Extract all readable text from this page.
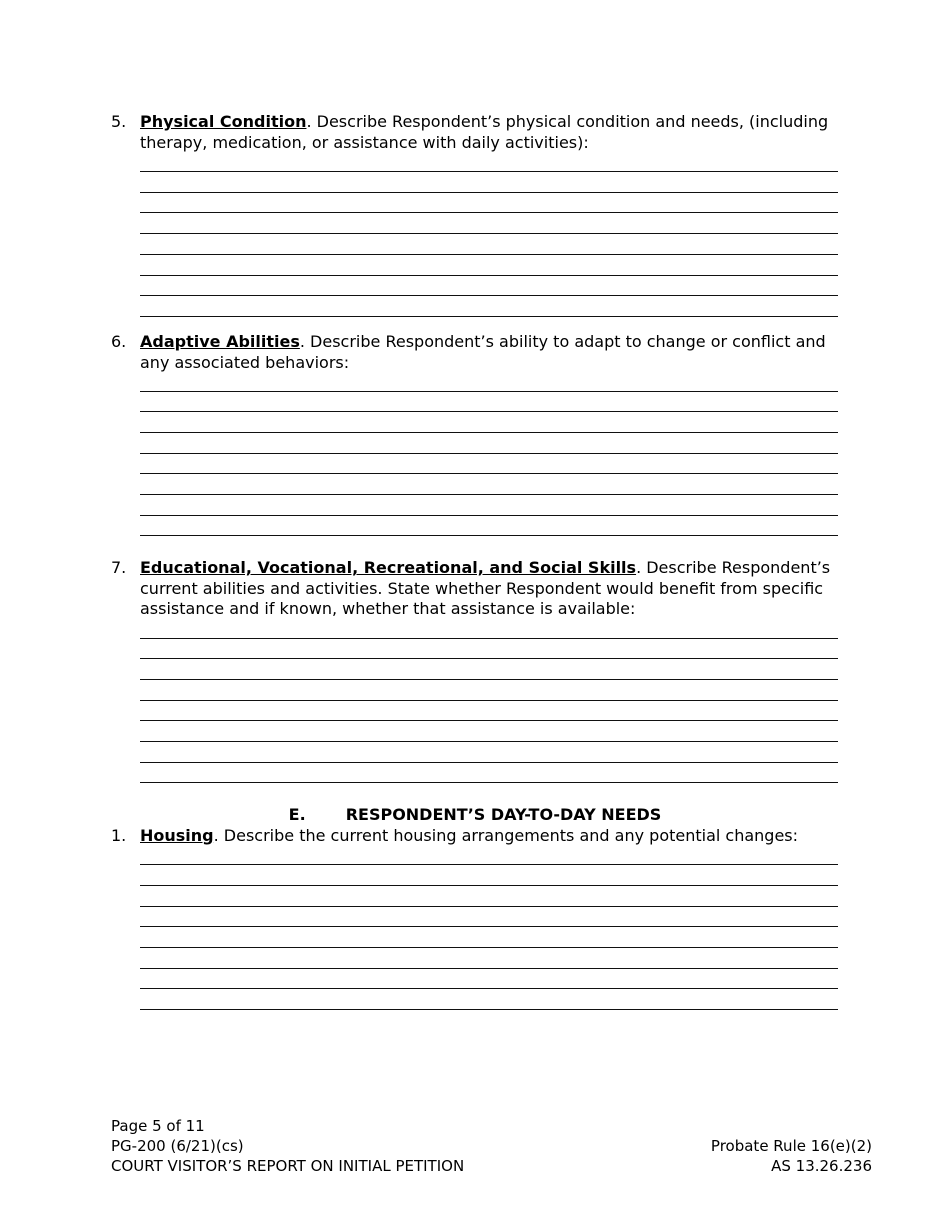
5. Physical Condition. Describe Respondent’s physical condition and needs, (including therapy, medication, or assistance with daily activities):
6. Adaptive Abilities. Describe Respondent’s ability to adapt to change or conflict and any associated behaviors:
7. Educational, Vocational, Recreational, and Social Skills. Describe Respondent’s current abilities and activities. State whether Respondent would benefit from specific assistance and if known, whether that assistance is available:
E.	RESPONDENT’S DAY-TO-DAY NEEDS
1. Housing. Describe the current housing arrangements and any potential changes:
Page 5 of 11
PG-200 (6/21)(cs)
COURT VISITOR’S REPORT ON INITIAL PETITION
Probate Rule 16(e)(2)
AS 13.26.236
